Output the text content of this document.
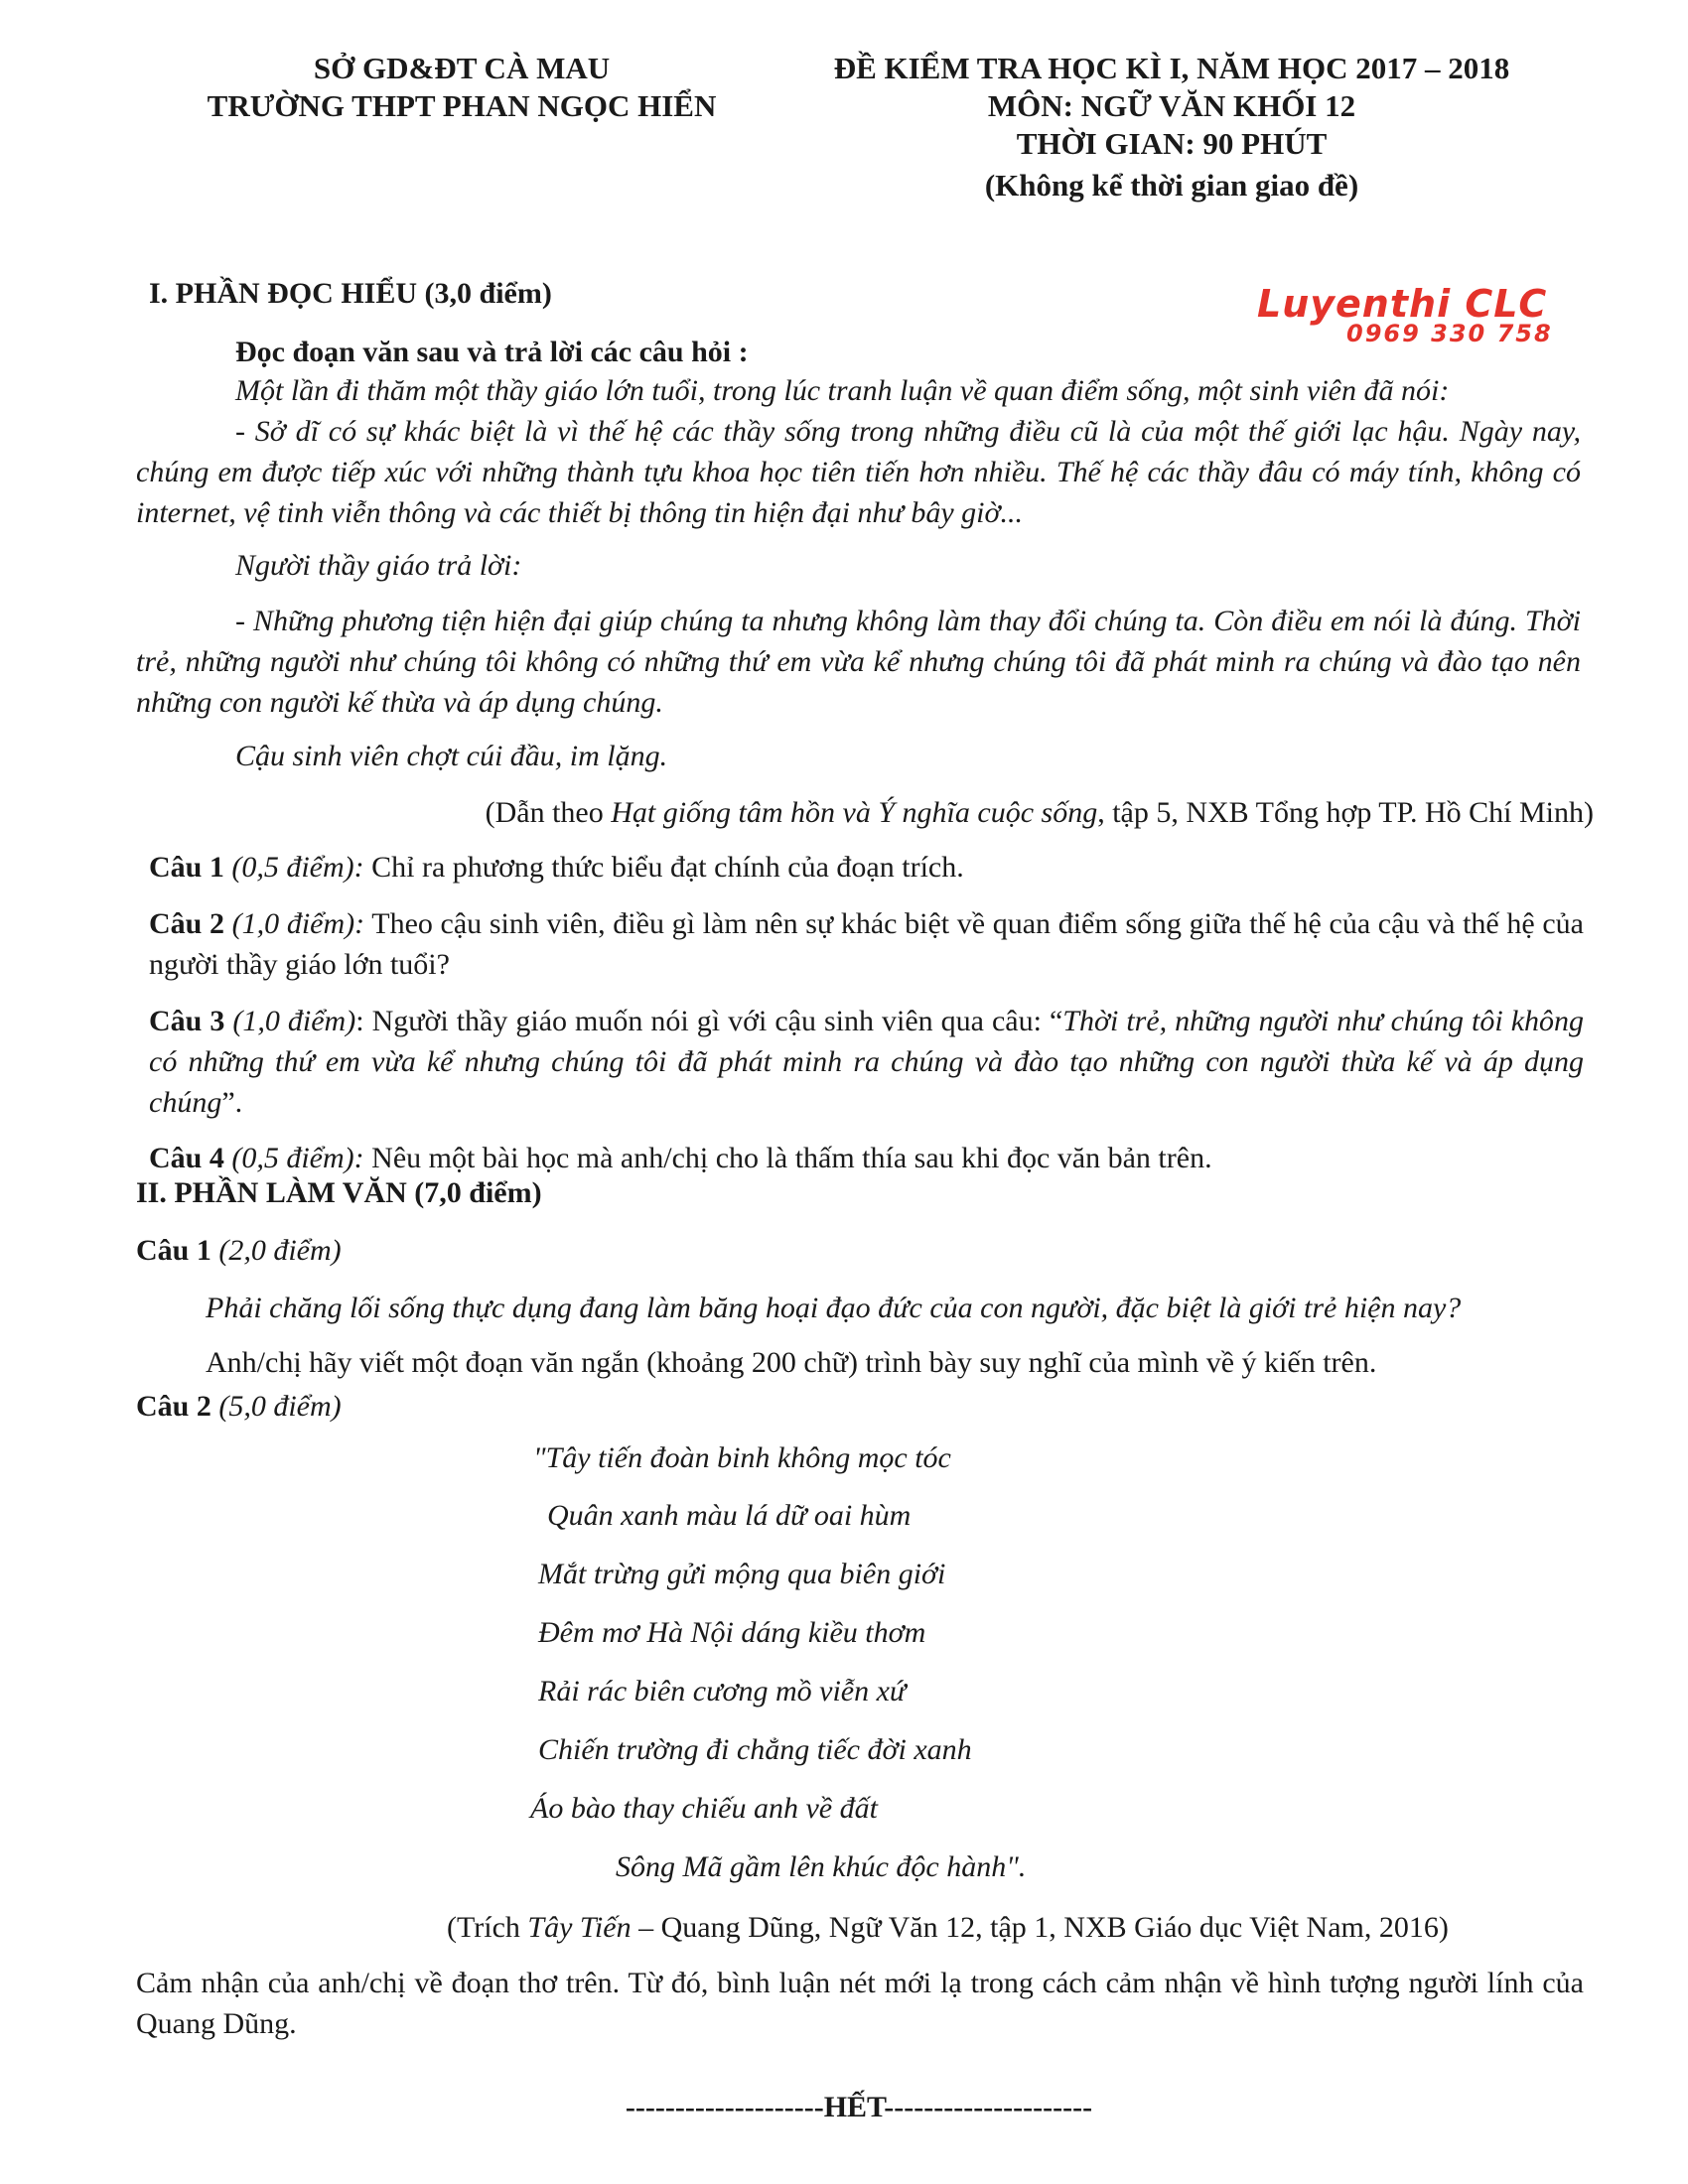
SỞ GD&ĐT CÀ MAU
TRƯỜNG THPT PHAN NGỌC HIỂN
ĐỀ KIỂM TRA HỌC KÌ I, NĂM HỌC 2017 – 2018
MÔN: NGỮ VĂN KHỐI 12
THỜI GIAN: 90 PHÚT
(Không kể thời gian giao đề)
Luyenthi CLC
0969 330 758
I. PHẦN ĐỌC HIỂU (3,0 điểm)
Đọc đoạn văn sau và trả lời các câu hỏi :
Một lần đi thăm một thầy giáo lớn tuổi, trong lúc tranh luận về quan điểm sống, một sinh viên đã nói:
- Sở dĩ có sự khác biệt là vì thế hệ các thầy sống trong những điều cũ là của một thế giới lạc hậu. Ngày nay, chúng em được tiếp xúc với những thành tựu khoa học tiên tiến hơn nhiều. Thế hệ các thầy đâu có máy tính, không có internet, vệ tinh viễn thông và các thiết bị thông tin hiện đại như bây giờ...
Người thầy giáo trả lời:
- Những phương tiện hiện đại giúp chúng ta nhưng không làm thay đổi chúng ta. Còn điều em nói là đúng. Thời trẻ, những người như chúng tôi không có những thứ em vừa kể nhưng chúng tôi đã phát minh ra chúng và đào tạo nên những con người kế thừa và áp dụng chúng.
Cậu sinh viên chợt cúi đầu, im lặng.
(Dẫn theo Hạt giống tâm hồn và Ý nghĩa cuộc sống, tập 5, NXB Tổng hợp TP. Hồ Chí Minh)
Câu 1 (0,5 điểm): Chỉ ra phương thức biểu đạt chính của đoạn trích.
Câu 2 (1,0 điểm): Theo cậu sinh viên, điều gì làm nên sự khác biệt về quan điểm sống giữa thế hệ của cậu và thế hệ của người thầy giáo lớn tuổi?
Câu 3 (1,0 điểm): Người thầy giáo muốn nói gì với cậu sinh viên qua câu: “Thời trẻ, những người như chúng tôi không có những thứ em vừa kể nhưng chúng tôi đã phát minh ra chúng và đào tạo những con người thừa kế và áp dụng chúng”.
Câu 4 (0,5 điểm): Nêu một bài học mà anh/chị cho là thấm thía sau khi đọc văn bản trên.
II. PHẦN LÀM VĂN (7,0 điểm)
Câu 1 (2,0 điểm)
Phải chăng lối sống thực dụng đang làm băng hoại đạo đức của con người, đặc biệt là giới trẻ hiện nay?
Anh/chị hãy viết một đoạn văn ngắn (khoảng 200 chữ) trình bày suy nghĩ của mình về ý kiến trên.
Câu 2 (5,0 điểm)
"Tây tiến đoàn binh không mọc tóc
Quân xanh màu lá dữ oai hùm
Mắt trừng gửi mộng qua biên giới
Đêm mơ Hà Nội dáng kiều thơm
Rải rác biên cương mồ viễn xứ
Chiến trường đi chẳng tiếc đời xanh
Áo bào thay chiếu anh về đất
Sông Mã gầm lên khúc độc hành".
(Trích Tây Tiến – Quang Dũng, Ngữ Văn 12, tập 1, NXB Giáo dục Việt Nam, 2016)
Cảm nhận của anh/chị về đoạn thơ trên. Từ đó, bình luận nét mới lạ trong cách cảm nhận về hình tượng người lính của Quang Dũng.
--------------------HẾT---------------------
